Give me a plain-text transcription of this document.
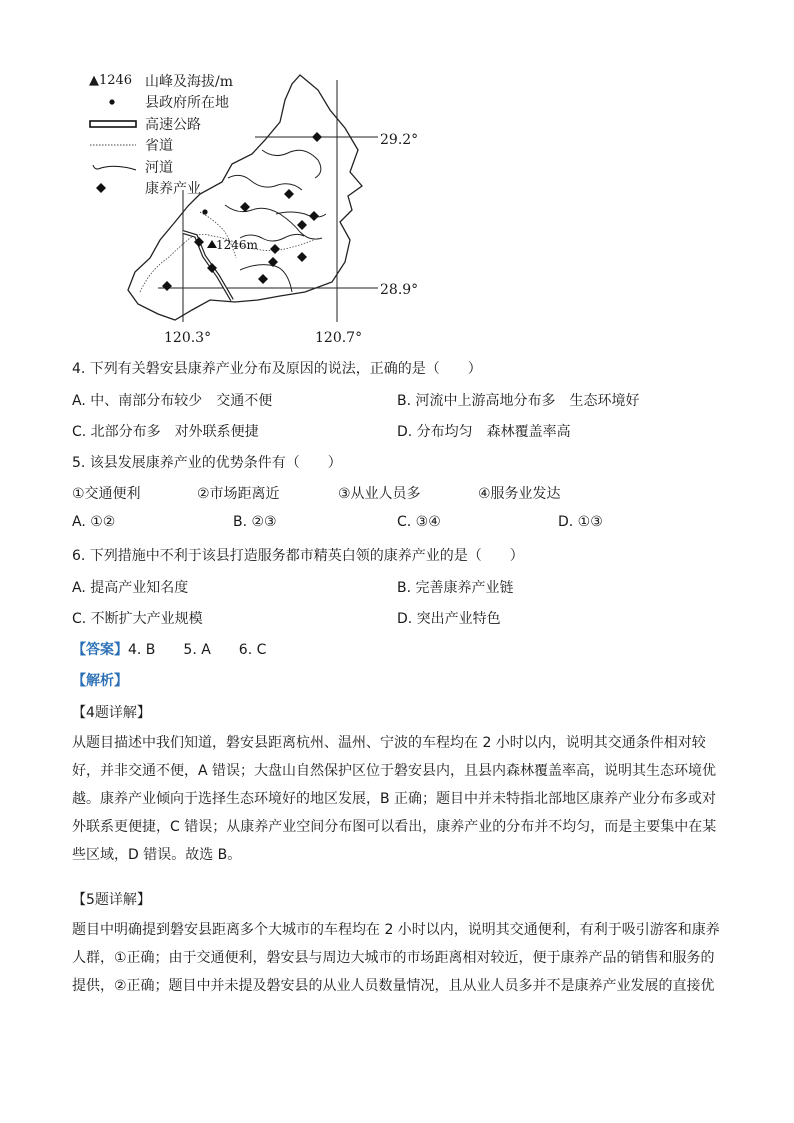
1246m
▲1246 山峰及海拔/m
县政府所在地
高速公路
省道
河道
康养产业
29.2°
28.9°
120.3°	120.7°
4. 下列有关磐安县康养产业分布及原因的说法，正确的是（　　）
A. 中、南部分布较少　交通不便	B. 河流中上游高地分布多　生态环境好
C. 北部分布多　对外联系便捷	D. 分布均匀　森林覆盖率高
5. 该县发展康养产业的优势条件有（　　）
①交通便利	②市场距离近	③从业人员多	④服务业发达
A. ①②	B. ②③	C. ③④	D. ①③
6. 下列措施中不利于该县打造服务都市精英白领的康养产业的是（　　）
A. 提高产业知名度	B. 完善康养产业链
C. 不断扩大产业规模	D. 突出产业特色
【答案】4. B　　5. A　　6. C
【解析】
【4题详解】
从题目描述中我们知道，磐安县距离杭州、温州、宁波的车程均在 2 小时以内，说明其交通条件相对较
好，并非交通不便，A 错误；大盘山自然保护区位于磐安县内，且县内森林覆盖率高，说明其生态环境优
越。康养产业倾向于选择生态环境好的地区发展，B 正确；题目中并未特指北部地区康养产业分布多或对
外联系更便捷，C 错误；从康养产业空间分布图可以看出，康养产业的分布并不均匀，而是主要集中在某
些区域，D 错误。故选 B。
【5题详解】
题目中明确提到磐安县距离多个大城市的车程均在 2 小时以内，说明其交通便利，有利于吸引游客和康养
人群，①正确；由于交通便利，磐安县与周边大城市的市场距离相对较近，便于康养产品的销售和服务的
提供，②正确；题目中并未提及磐安县的从业人员数量情况，且从业人员多并不是康养产业发展的直接优
